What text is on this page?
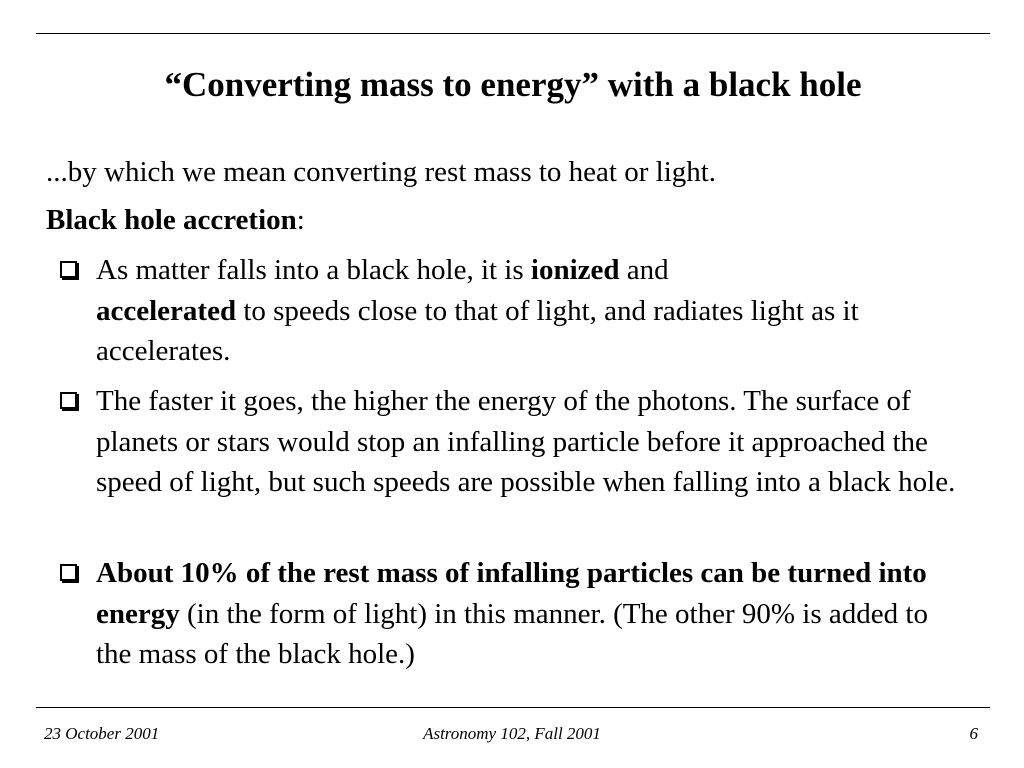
“Converting mass to energy” with a black hole
...by which we mean converting rest mass to heat or light.
Black hole accretion:
As matter falls into a black hole, it is ionized and
accelerated to speeds close to that of light, and radiates light as it accelerates.
The faster it goes, the higher the energy of the photons. The surface of planets or stars would stop an infalling particle before it approached the speed of light, but such speeds are possible when falling into a black hole.
About 10% of the rest mass of infalling particles can be turned into energy (in the form of light) in this manner. (The other 90% is added to the mass of the black hole.)
23 October 2001	Astronomy 102, Fall 2001	6
